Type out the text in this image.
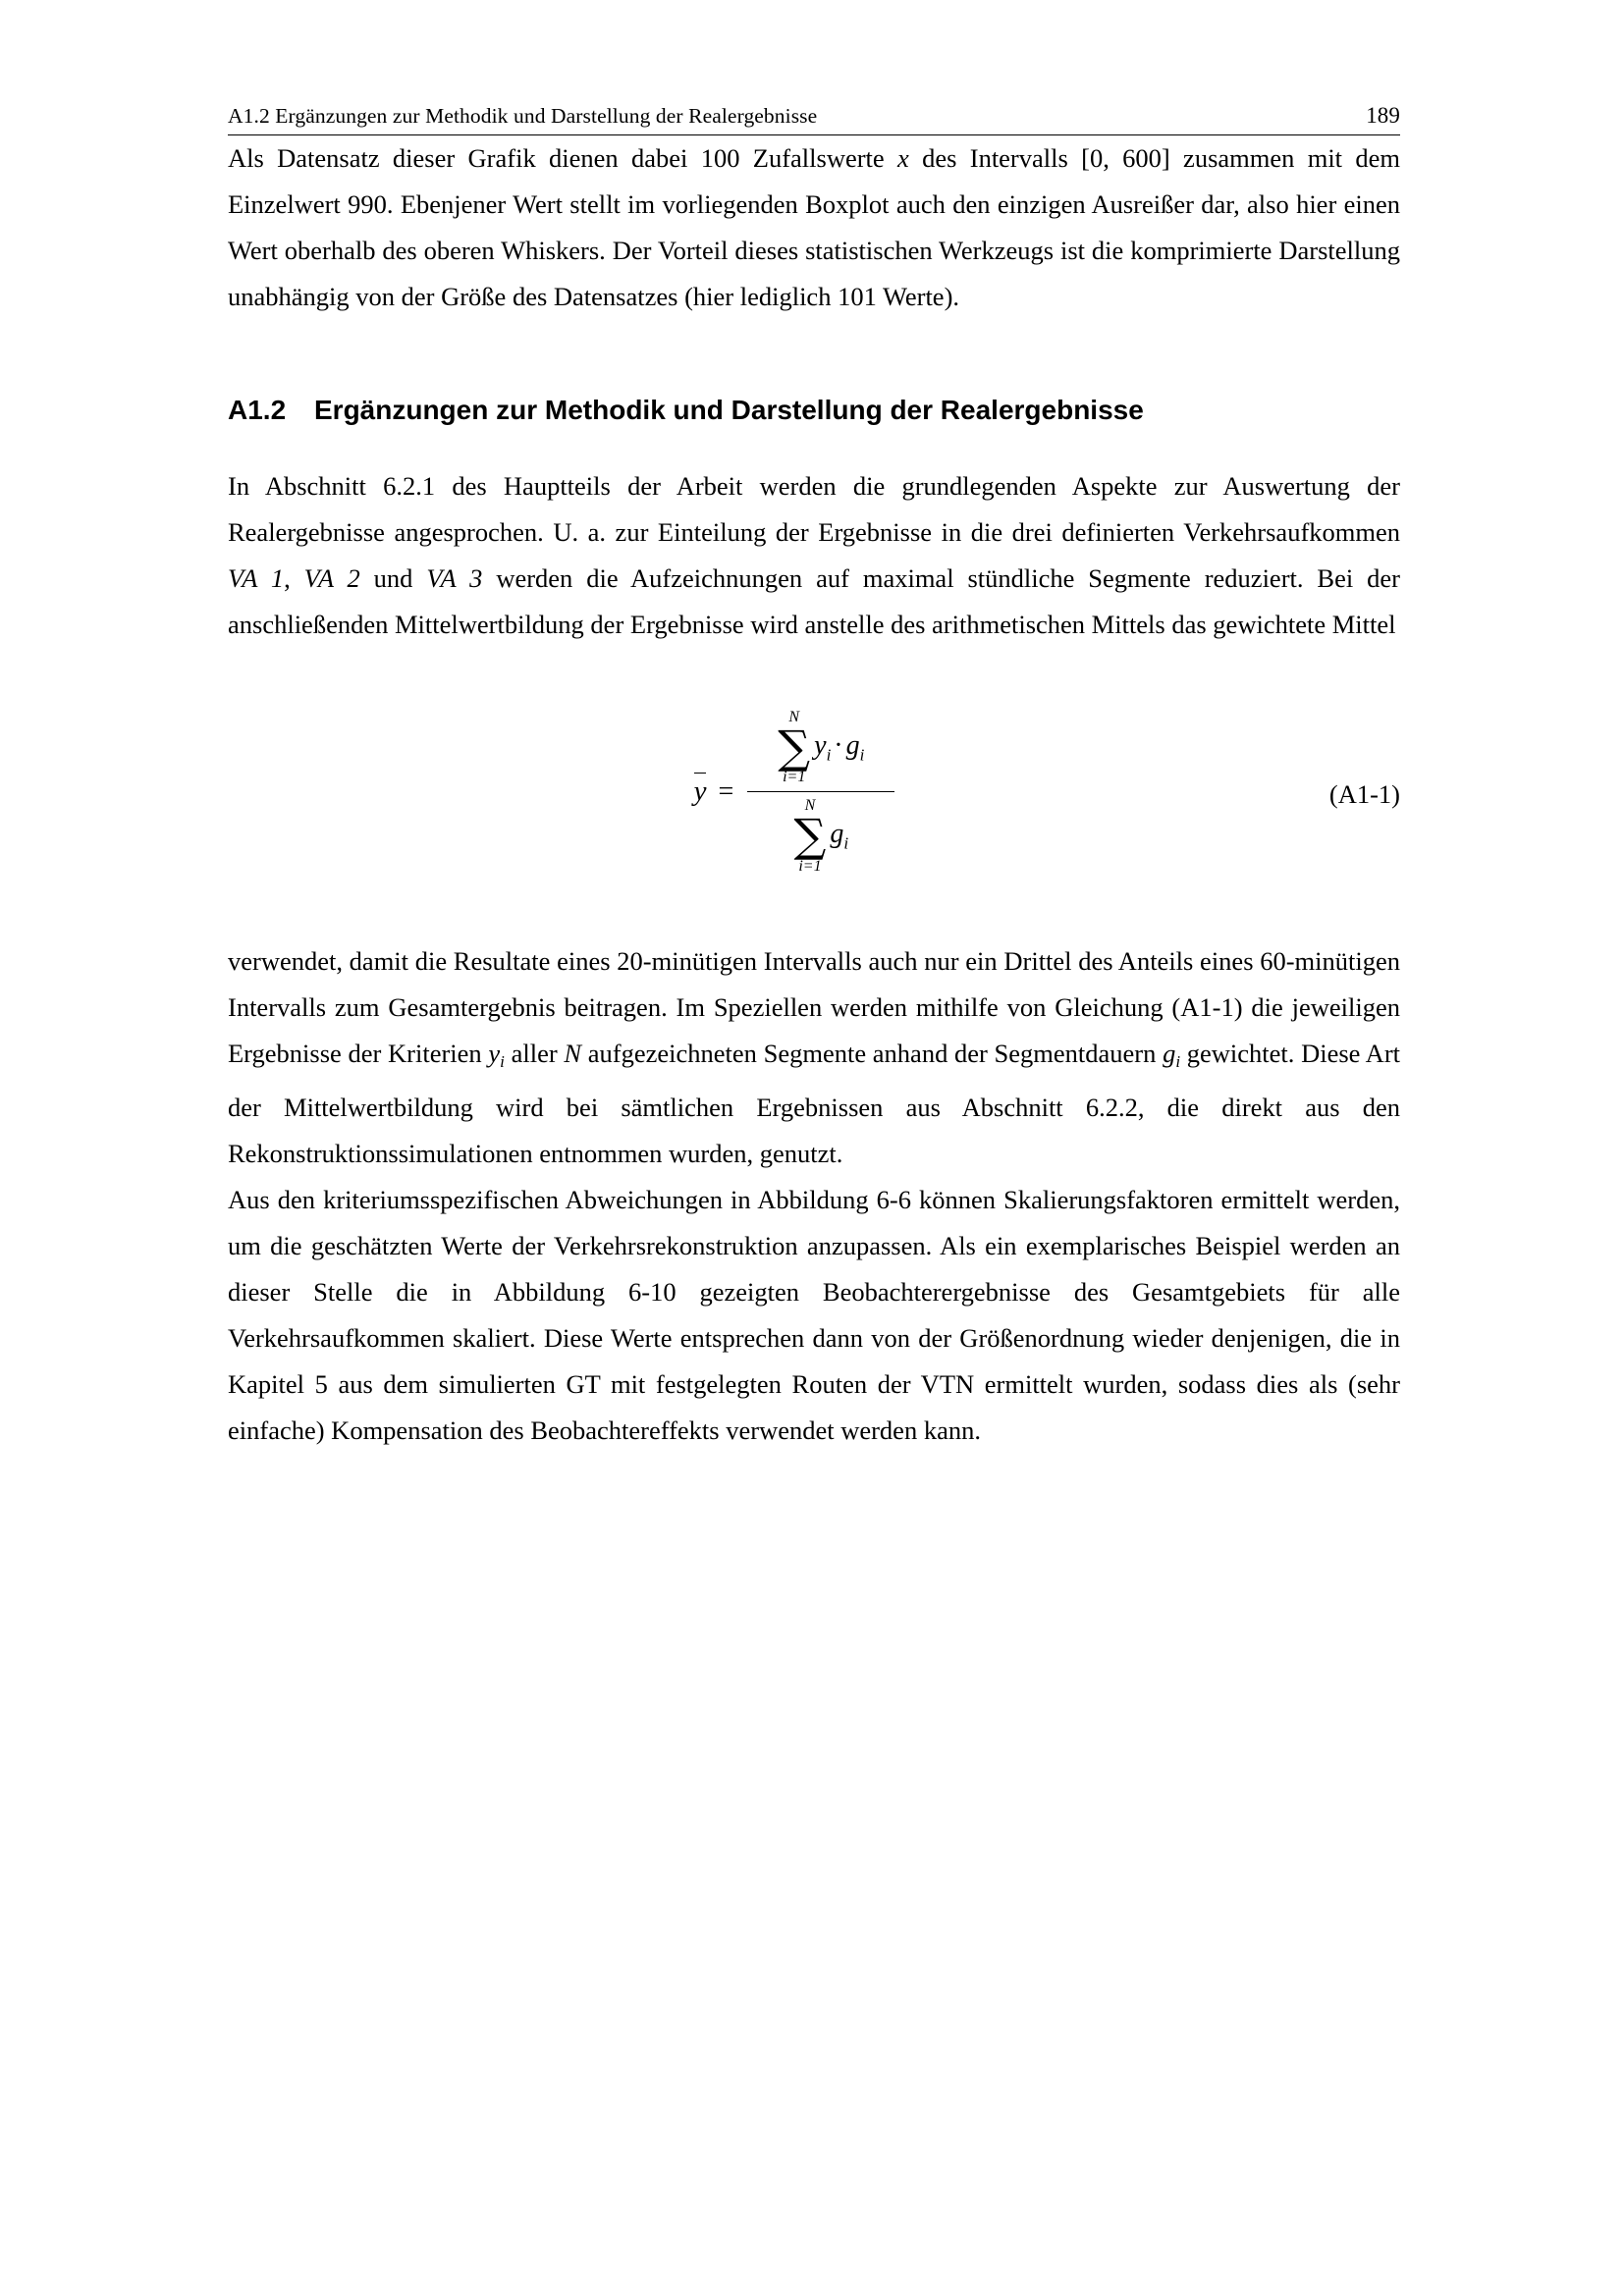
A1.2 Ergänzungen zur Methodik und Darstellung der Realergebnisse	189

Als Datensatz dieser Grafik dienen dabei 100 Zufallswerte x des Intervalls [0, 600] zusammen mit dem Einzelwert 990. Ebenjener Wert stellt im vorliegenden Boxplot auch den einzigen Ausreißer dar, also hier einen Wert oberhalb des oberen Whiskers. Der Vorteil dieses statistischen Werkzeugs ist die komprimierte Darstellung unabhängig von der Größe des Datensatzes (hier lediglich 101 Werte).

A1.2	Ergänzungen zur Methodik und Darstellung der Realergebnisse

In Abschnitt 6.2.1 des Hauptteils der Arbeit werden die grundlegenden Aspekte zur Auswertung der Realergebnisse angesprochen. U. a. zur Einteilung der Ergebnisse in die drei definierten Verkehrsaufkommen VA 1, VA 2 und VA 3 werden die Aufzeichnungen auf maximal stündliche Segmente reduziert. Bei der anschließenden Mittelwertbildung der Ergebnisse wird anstelle des arithmetischen Mittels das gewichtete Mittel

y =
N
∑
i=1
$y_i \cdot g_i$
N
∑
i=1
$g_i$
(A1-1)

verwendet, damit die Resultate eines 20-minütigen Intervalls auch nur ein Drittel des Anteils eines 60-minütigen Intervalls zum Gesamtergebnis beitragen. Im Speziellen werden mithilfe von Gleichung (A1-1) die jeweiligen Ergebnisse der Kriterien $y_i$ aller N aufgezeichneten Segmente anhand der Segmentdauern $g_i$ gewichtet. Diese Art der Mittelwertbildung wird bei sämtlichen Ergebnissen aus Abschnitt 6.2.2, die direkt aus den Rekonstruktionssimulationen entnommen wurden, genutzt.

Aus den kriteriumsspezifischen Abweichungen in Abbildung 6-6 können Skalierungsfaktoren ermittelt werden, um die geschätzten Werte der Verkehrsrekonstruktion anzupassen. Als ein exemplarisches Beispiel werden an dieser Stelle die in Abbildung 6-10 gezeigten Beobachterergebnisse des Gesamtgebiets für alle Verkehrsaufkommen skaliert. Diese Werte entsprechen dann von der Größenordnung wieder denjenigen, die in Kapitel 5 aus dem simulierten GT mit festgelegten Routen der VTN ermittelt wurden, sodass dies als (sehr einfache) Kompensation des Beobachtereffekts verwendet werden kann.
